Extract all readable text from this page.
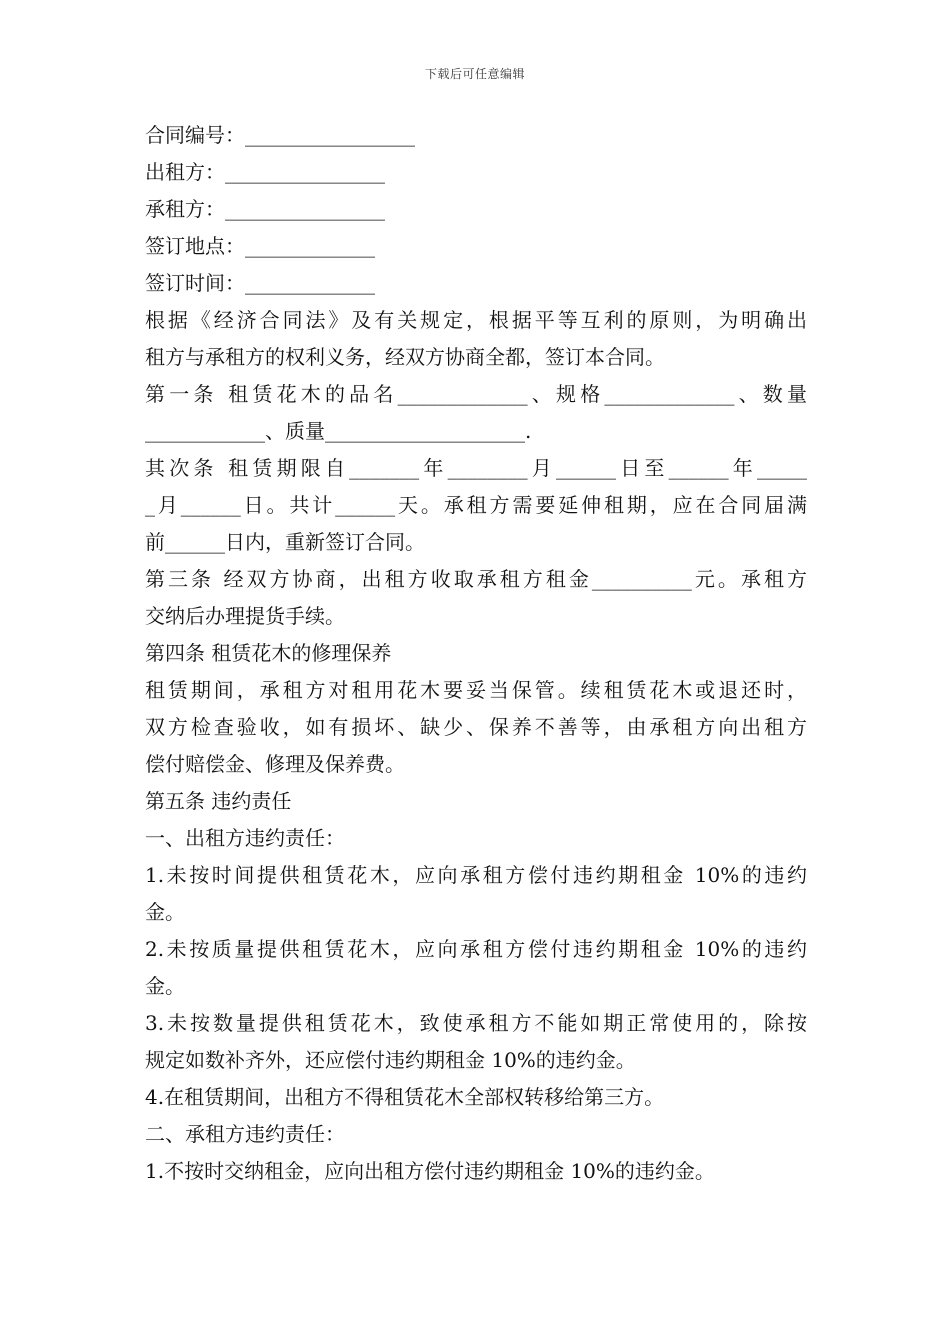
下载后可任意编辑
合同编号：_________________
出租方：________________
承租方：________________
签订地点：_____________
签订时间：_____________
根据《经济合同法》及有关规定，根据平等互利的原则，为明确出
租方与承租方的权利义务，经双方协商全都，签订本合同。
第一条 租赁花木的品名_____________、规格_____________、数量
____________、质量____________________.
其次条 租赁期限自_______年________月______日至______年_____
_月______日。共计______天。承租方需要延伸租期，应在合同届满
前______日内，重新签订合同。
第三条 经双方协商，出租方收取承租方租金__________元。承租方
交纳后办理提货手续。
第四条 租赁花木的修理保养
租赁期间，承租方对租用花木要妥当保管。续租赁花木或退还时，
双方检查验收，如有损坏、缺少、保养不善等，由承租方向出租方
偿付赔偿金、修理及保养费。
第五条 违约责任
一、出租方违约责任：
1.未按时间提供租赁花木，应向承租方偿付违约期租金 10%的违约
金。
2.未按质量提供租赁花木，应向承租方偿付违约期租金 10%的违约
金。
3.未按数量提供租赁花木，致使承租方不能如期正常使用的，除按
规定如数补齐外，还应偿付违约期租金 10%的违约金。
4.在租赁期间，出租方不得租赁花木全部权转移给第三方。
二、承租方违约责任：
1.不按时交纳租金，应向出租方偿付违约期租金 10%的违约金。
